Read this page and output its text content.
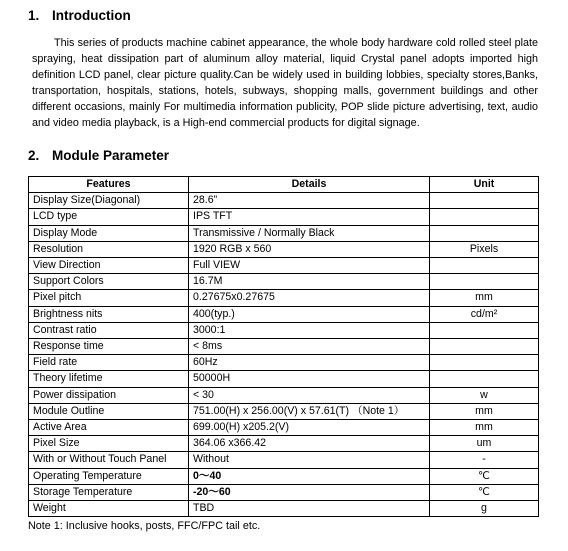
1. Introduction

This series of products machine cabinet appearance, the whole body hardware cold rolled steel plate spraying, heat dissipation part of aluminum alloy material, liquid Crystal panel adopts imported high definition LCD panel, clear picture quality.Can be widely used in building lobbies, specialty stores,Banks, transportation, hospitals, stations, hotels, subways, shopping malls, government buildings and other different occasions, mainly For multimedia information publicity, POP slide picture advertising, text, audio and video media playback, is a High-end commercial products for digital signage.

2. Module Parameter
Features	Details	Unit
Display Size(Diagonal)	28.6”	
LCD type	IPS TFT	
Display Mode	Transmissive / Normally Black	
Resolution	1920 RGB x 560	Pixels
View Direction	Full VIEW	
Support Colors	16.7M	
Pixel pitch	0.27675x0.27675	mm
Brightness nits	400(typ.)	cd/m²
Contrast ratio	3000:1	
Response time	< 8ms	
Field rate	60Hz	
Theory lifetime	50000H	
Power dissipation	< 30	w
Module Outline	751.00(H) x 256.00(V) x 57.61(T) （Note 1）	mm
Active Area	699.00(H) x205.2(V)	mm
Pixel Size	364.06 x366.42	um
With or Without Touch Panel	Without	-
Operating Temperature	0～40	℃
Storage Temperature	-20～60	℃
Weight	TBD	g

Note 1: Inclusive hooks, posts, FFC/FPC tail etc.
